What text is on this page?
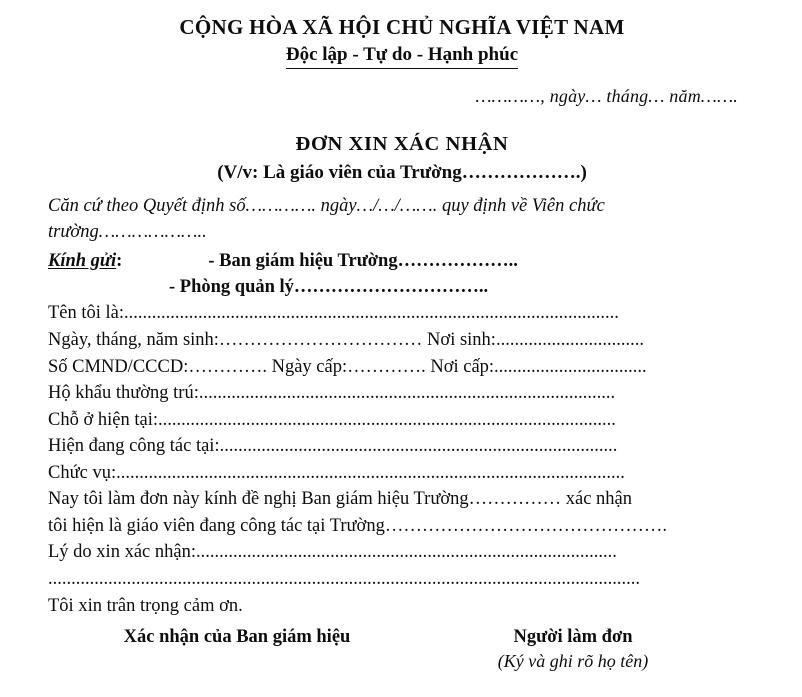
CỘNG HÒA XÃ HỘI CHỦ NGHĨA VIỆT NAM
Độc lập - Tự do - Hạnh phúc
…………, ngày… tháng… năm…….
ĐƠN XIN XÁC NHẬN
(V/v: Là giáo viên của Trường……………….)
Căn cứ theo Quyết định số…………. ngày…/…/……. quy định về Viên chức
trường………………..
Kính gửi :	- Ban giám hiệu Trường………………..
- Phòng quản lý…………………………..
Tên tôi là:...........................................................................................................
Ngày, tháng, năm sinh:…………………………… Nơi sinh:................................
Số CMND/CCCD:…………. Ngày cấp:…………. Nơi cấp:.................................
Hộ khẩu thường trú:..........................................................................................
Chỗ ở hiện tại:...................................................................................................
Hiện đang công tác tại:......................................................................................
Chức vụ:..............................................................................................................
Nay tôi làm đơn này kính đề nghị Ban giám hiệu Trường…………… xác nhận
tôi hiện là giáo viên đang công tác tại Trường……………………………………….
Lý do xin xác nhận:...........................................................................................
................................................................................................................................
Tôi xin trân trọng cảm ơn.
Xác nhận của Ban giám hiệu	Người làm đơn
(Ký và ghi rõ họ tên)
